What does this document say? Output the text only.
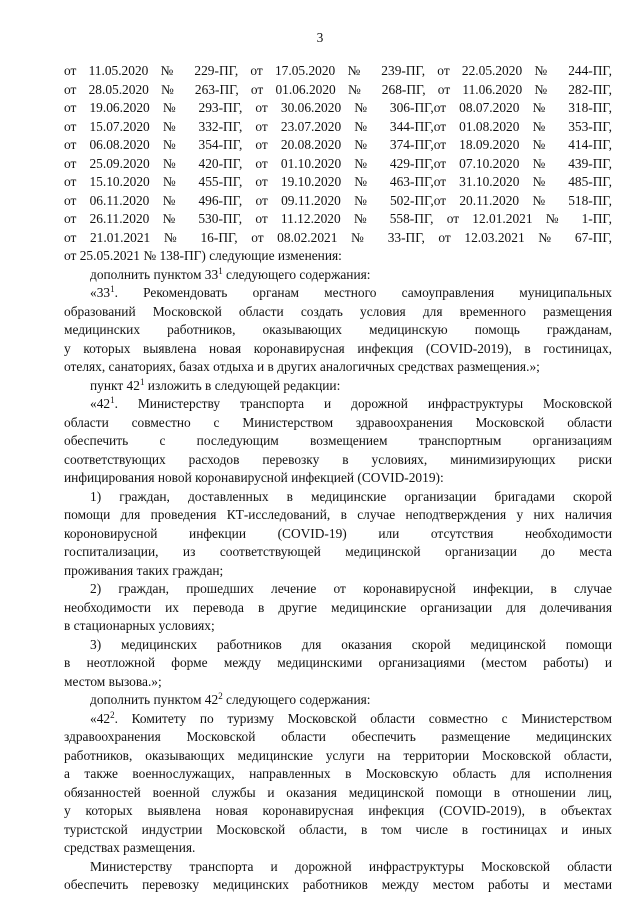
3
от 11.05.2020 № 229-ПГ, от 17.05.2020 № 239-ПГ, от 22.05.2020 № 244-ПГ,
от 28.05.2020 № 263-ПГ, от 01.06.2020 № 268-ПГ, от 11.06.2020 № 282-ПГ,
от 19.06.2020 № 293-ПГ, от 30.06.2020 № 306-ПГ,от 08.07.2020 № 318-ПГ,
от 15.07.2020 № 332-ПГ, от 23.07.2020 № 344-ПГ,от 01.08.2020 № 353-ПГ,
от 06.08.2020 № 354-ПГ, от 20.08.2020 № 374-ПГ,от 18.09.2020 № 414-ПГ,
от 25.09.2020 № 420-ПГ, от 01.10.2020 № 429-ПГ,от 07.10.2020 № 439-ПГ,
от 15.10.2020 № 455-ПГ, от 19.10.2020 № 463-ПГ,от 31.10.2020 № 485-ПГ,
от 06.11.2020 № 496-ПГ, от 09.11.2020 № 502-ПГ,от 20.11.2020 № 518-ПГ,
от 26.11.2020 № 530-ПГ, от 11.12.2020 № 558-ПГ, от 12.01.2021 № 1-ПГ,
от 21.01.2021 № 16-ПГ, от 08.02.2021 № 33-ПГ, от 12.03.2021 № 67-ПГ,
от 25.05.2021 № 138-ПГ) следующие изменения:
дополнить пунктом $33^1$ следующего содержания:
«$33^1$. Рекомендовать органам местного самоуправления муниципальных
образований Московской области создать условия для временного размещения
медицинских работников, оказывающих медицинскую помощь гражданам,
у которых выявлена новая коронавирусная инфекция (COVID-2019), в гостиницах,
отелях, санаториях, базах отдыха и в других аналогичных средствах размещения.»;
пункт $42^1$ изложить в следующей редакции:
«$42^1$. Министерству транспорта и дорожной инфраструктуры Московской
области совместно с Министерством здравоохранения Московской области
обеспечить с последующим возмещением транспортным организациям
соответствующих расходов перевозку в условиях, минимизирующих риски
инфицирования новой коронавирусной инфекцией (COVID-2019):
1) граждан, доставленных в медицинские организации бригадами скорой
помощи для проведения КТ-исследований, в случае неподтверждения у них наличия
короновирусной инфекции (COVID-19) или отсутствия необходимости
госпитализации, из соответствующей медицинской организации до места
проживания таких граждан;
2) граждан, прошедших лечение от коронавирусной инфекции, в случае
необходимости их перевода в другие медицинские организации для долечивания
в стационарных условиях;
3) медицинских работников для оказания скорой медицинской помощи
в неотложной форме между медицинскими организациями (местом работы) и
местом вызова.»;
дополнить пунктом $42^2$ следующего содержания:
«$42^2$. Комитету по туризму Московской области совместно с Министерством
здравоохранения Московской области обеспечить размещение медицинских
работников, оказывающих медицинские услуги на территории Московской области,
а также военнослужащих, направленных в Московскую область для исполнения
обязанностей военной службы и оказания медицинской помощи в отношении лиц,
у которых выявлена новая коронавирусная инфекция (COVID-2019), в объектах
туристской индустрии Московской области, в том числе в гостиницах и иных
средствах размещения.
Министерству транспорта и дорожной инфраструктуры Московской области
обеспечить перевозку медицинских работников между местом работы и местами
